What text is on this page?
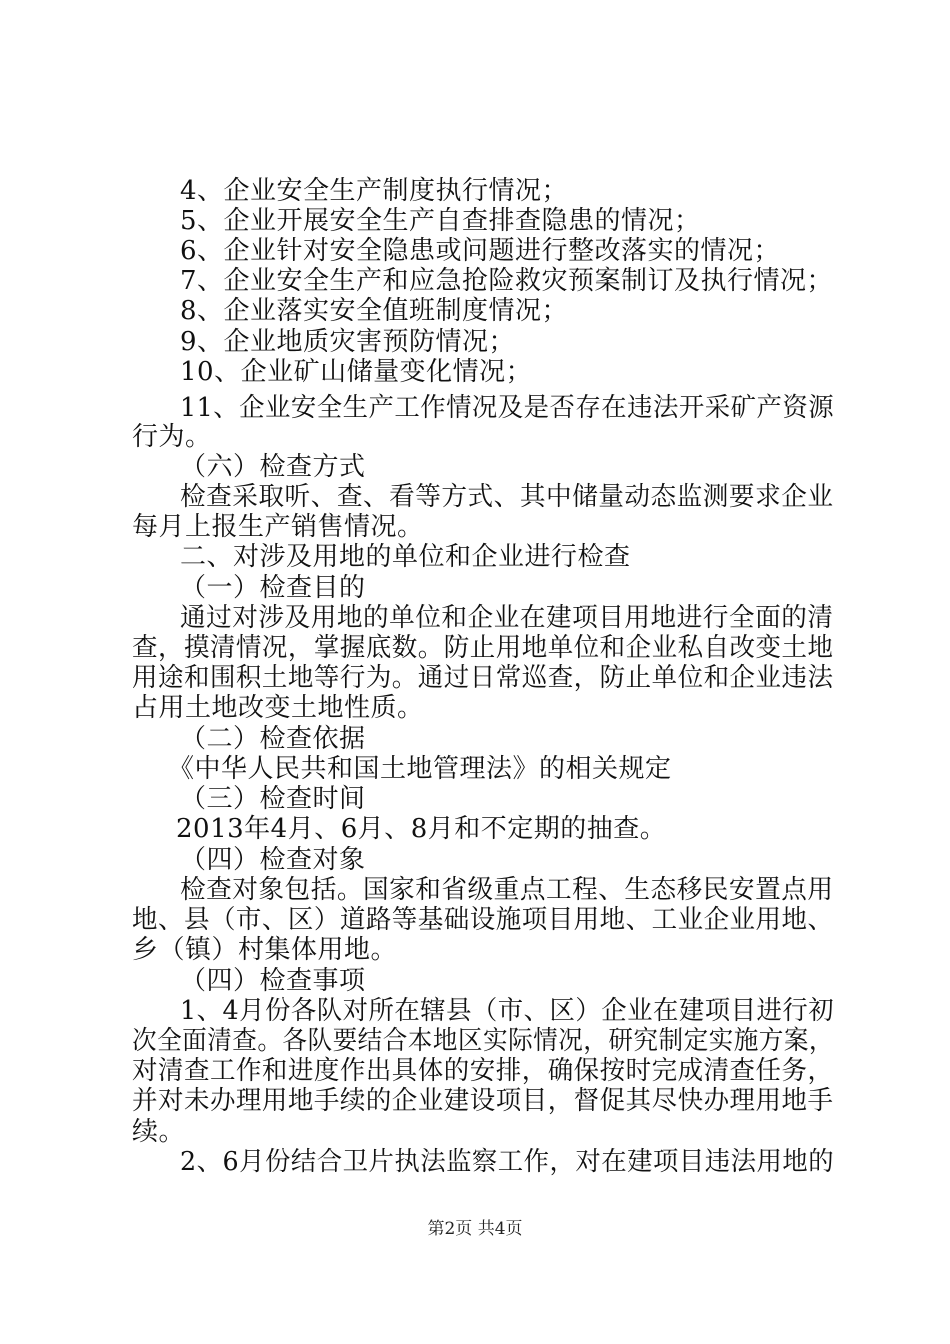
4、企业安全生产制度执行情况；
5、企业开展安全生产自查排查隐患的情况；
6、企业针对安全隐患或问题进行整改落实的情况；
7、企业安全生产和应急抢险救灾预案制订及执行情况；
8、企业落实安全值班制度情况；
9、企业地质灾害预防情况；
10、企业矿山储量变化情况；
11、企业安全生产工作情况及是否存在违法开采矿产资源
行为。
（六）检查方式
检查采取听、查、看等方式、其中储量动态监测要求企业
每月上报生产销售情况。
二、对涉及用地的单位和企业进行检查
（一）检查目的
通过对涉及用地的单位和企业在建项目用地进行全面的清
查，摸清情况，掌握底数。防止用地单位和企业私自改变土地
用途和围积土地等行为。通过日常巡查，防止单位和企业违法
占用土地改变土地性质。
（二）检查依据
《中华人民共和国土地管理法》的相关规定
（三）检查时间
2013年4月、6月、8月和不定期的抽查。
（四）检查对象
检查对象包括。国家和省级重点工程、生态移民安置点用
地、县（市、区）道路等基础设施项目用地、工业企业用地、
乡（镇）村集体用地。
（四）检查事项
1、4月份各队对所在辖县（市、区）企业在建项目进行初
次全面清查。各队要结合本地区实际情况，研究制定实施方案，
对清查工作和进度作出具体的安排，确保按时完成清查任务，
并对未办理用地手续的企业建设项目，督促其尽快办理用地手
续。
2、6月份结合卫片执法监察工作，对在建项目违法用地的
第2页 共4页
